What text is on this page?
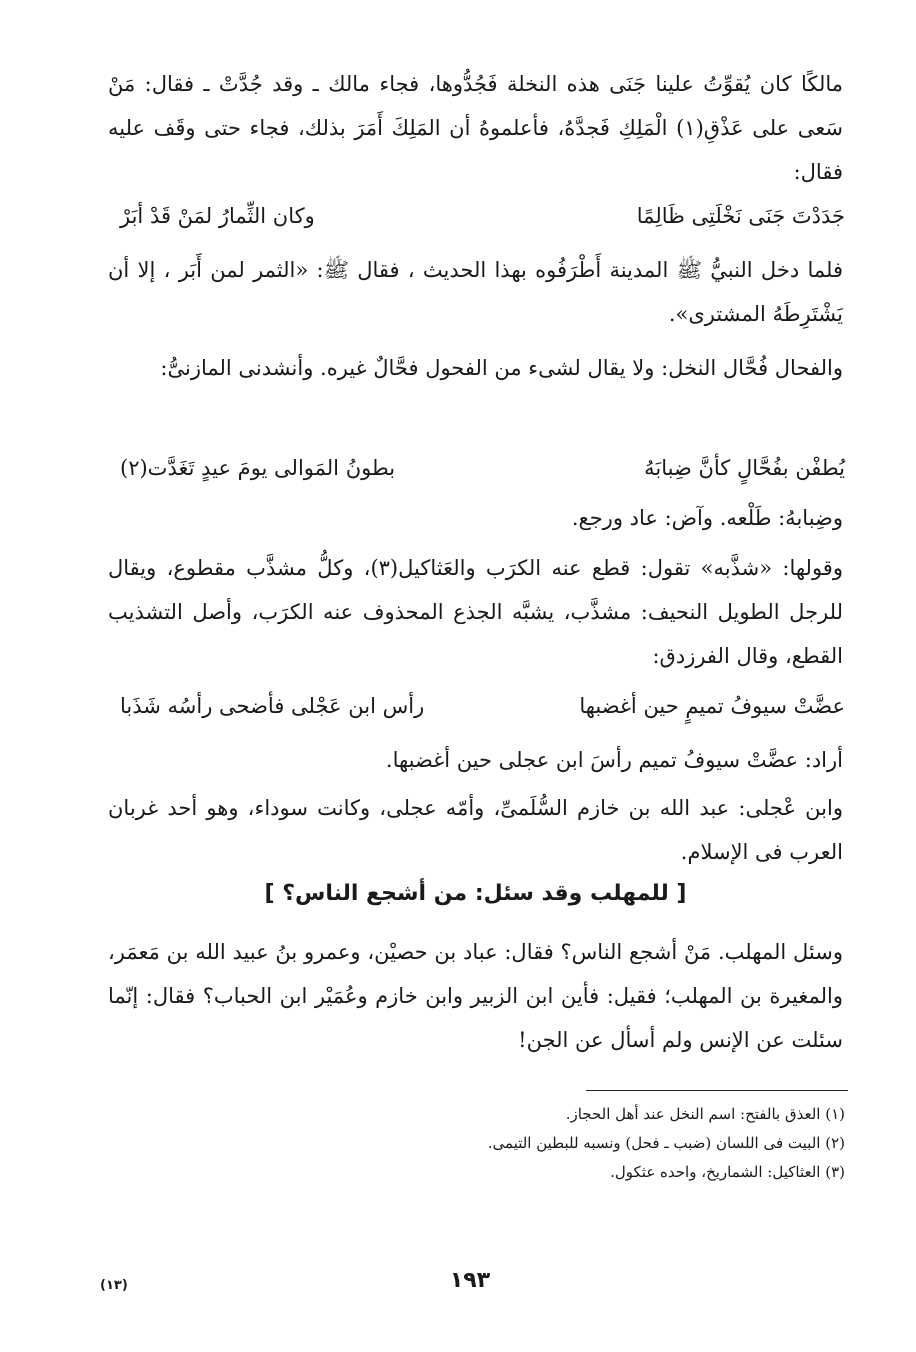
مالكًا كان يُقوِّتُ علينا جَنَى هذه النخلة فَجُدُّوها، فجاء مالك ـ وقد جُدَّتْ ـ فقال: مَنْ سَعى على عَذْقِ(١) الْمَلِكِ فَجدَّهُ، فأعلموهُ أن المَلِكَ أَمَرَ بذلك، فجاء حتى وقَف عليه فقال:

جَدَدْتَ جَنَى نَخْلَتِى ظَالِمًا
وكان الثِّمارُ لمَنْ قَدْ أبَرْ

فلما دخل النبيُّ ﷺ المدينة أَطْرَفُوه بهذا الحديث ، فقال ﷺ: «الثمر لمن أَبَر ، إلا أن يَشْتَرِطَهُ المشترى».

والفحال فُحَّال النخل: ولا يقال لشىء من الفحول فحَّالٌ غيره. وأنشدنى المازنىُّ:

يُطفْن بفُحَّالٍ كأنَّ ضِبابَهُ
بطونُ المَوالى يومَ عيدٍ تَغَدَّت(٢)

وضِبابهُ: طَلْعه. وآض: عاد ورجع.

وقولها: «شذَّبه» تقول: قطع عنه الكرَب والعَثاكيل(٣)، وكلُّ مشذَّب مقطوع، ويقال للرجل الطويل النحيف: مشذَّب، يشبَّه الجذع المحذوف عنه الكرَب، وأصل التشذيب القطع، وقال الفرزدق:

عضَّتْ سيوفُ تميمٍ حين أغضبها
رأس ابن عَجْلى فأضحى رأسُه شَذَبا

أراد: عضَّتْ سيوفُ تميم رأسَ ابن عجلى حين أغضبها.

وابن عْجلى: عبد الله بن خازم السُّلَمىِّ، وأمّه عجلى، وكانت سوداء، وهو أحد غربان العرب فى الإسلام.

[ للمهلب وقد سئل: من أشجع الناس؟ ]

وسئل المهلب. مَنْ أشجع الناس؟ فقال: عباد بن حصيْن، وعمرو بنُ عبيد الله بن مَعمَر، والمغيرة بن المهلب؛ فقيل: فأين ابن الزبير وابن خازم وعُمَيْر ابن الحباب؟ فقال: إنّما سئلت عن الإنس ولم أسأل عن الجن!

(١) العذق بالفتح: اسم النخل عند أهل الحجاز.
(٢) البيت فى اللسان (ضبب ـ فحل) ونسبه للبطين التيمى.
(٣) العثاكيل: الشماريخ، واحده عثكول.
١٩٣
(١٣)
